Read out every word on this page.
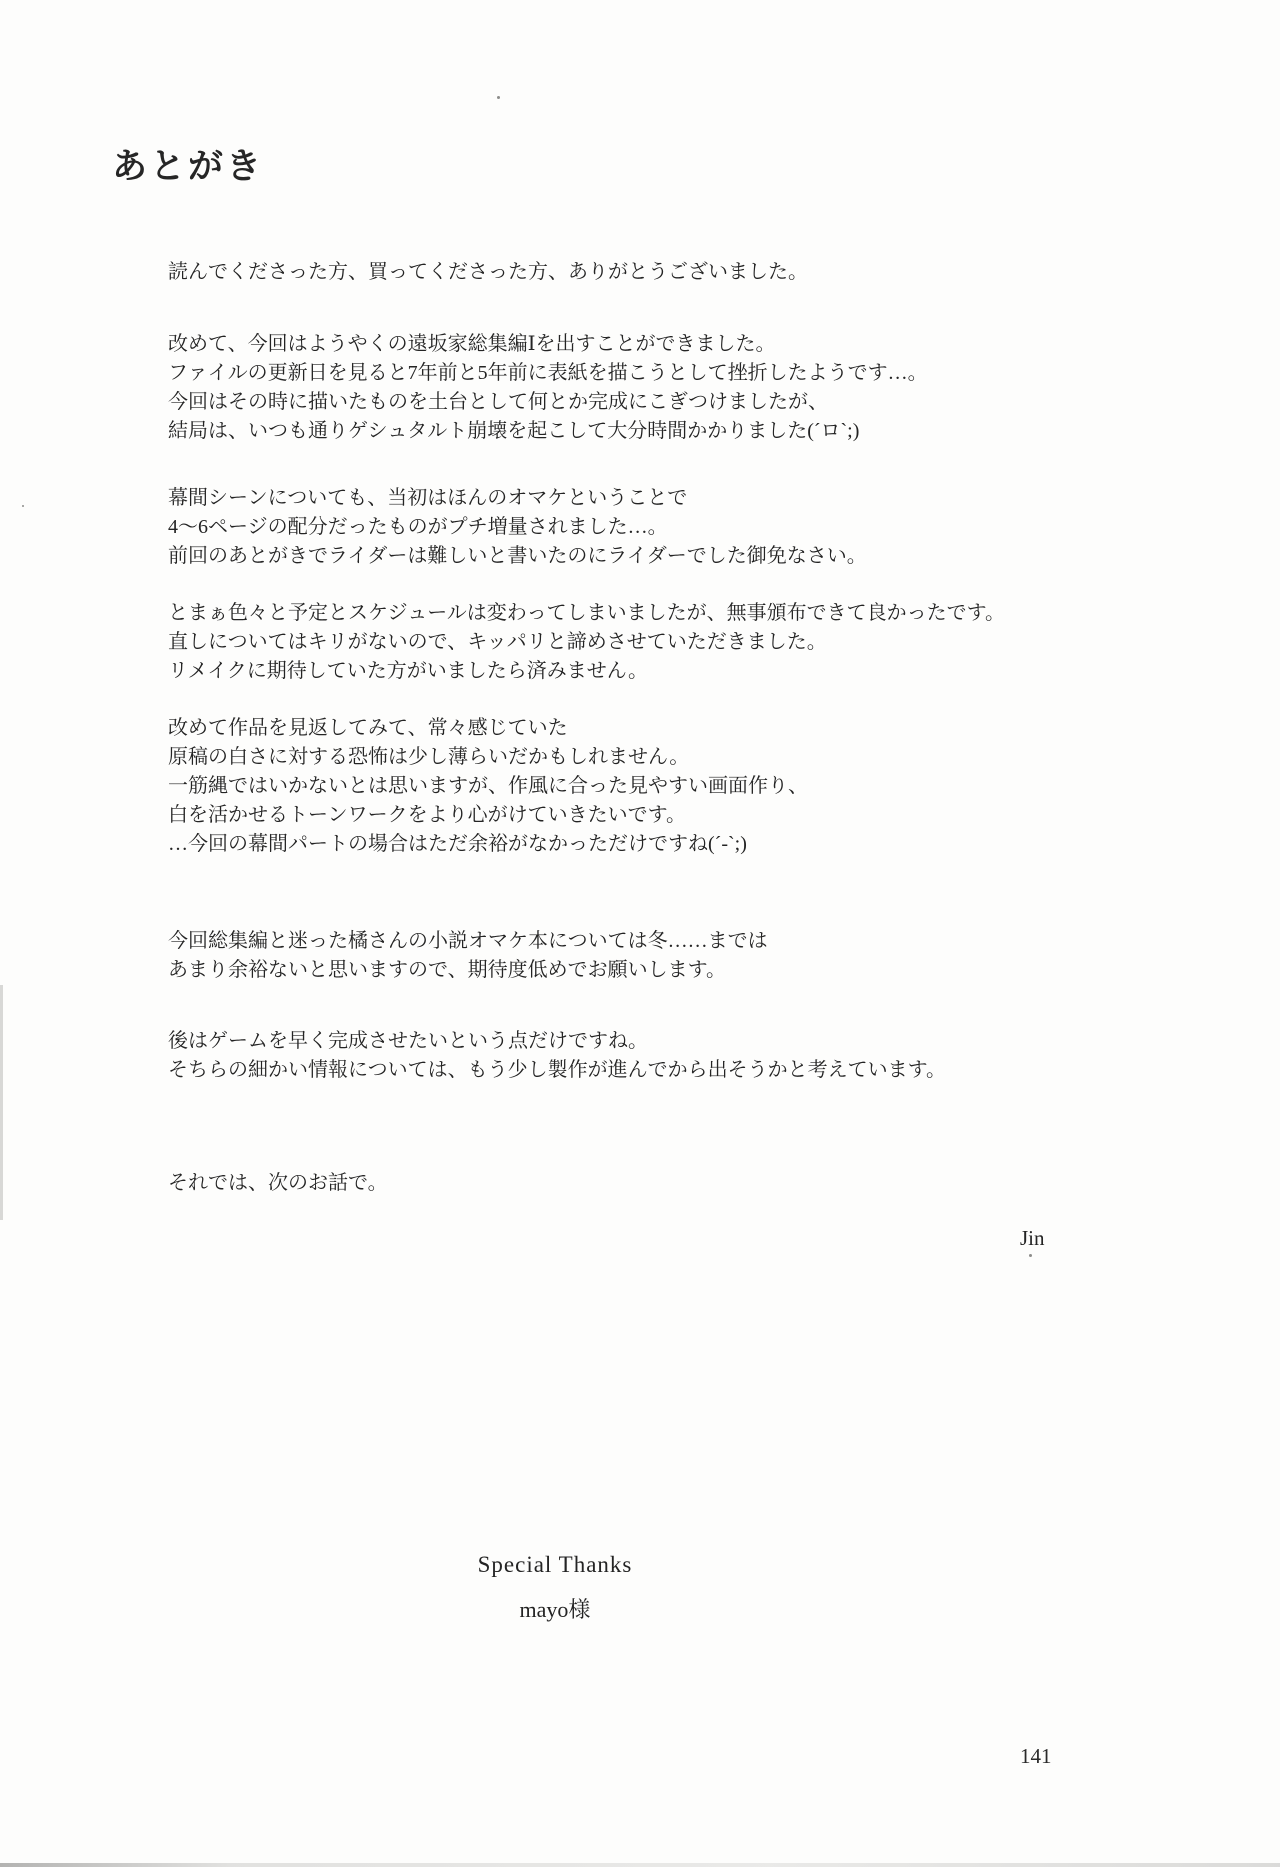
あとがき
読んでくださった方、買ってくださった方、ありがとうございました。
改めて、今回はようやくの遠坂家総集編Ⅰを出すことができました。
ファイルの更新日を見ると7年前と5年前に表紙を描こうとして挫折したようです…。
今回はその時に描いたものを土台として何とか完成にこぎつけましたが、
結局は、いつも通りゲシュタルト崩壊を起こして大分時間かかりました(´ロ`;)
幕間シーンについても、当初はほんのオマケということで
4〜6ページの配分だったものがプチ増量されました…。
前回のあとがきでライダーは難しいと書いたのにライダーでした御免なさい。
とまぁ色々と予定とスケジュールは変わってしまいましたが、無事頒布できて良かったです。
直しについてはキリがないので、キッパリと諦めさせていただきました。
リメイクに期待していた方がいましたら済みません。
改めて作品を見返してみて、常々感じていた
原稿の白さに対する恐怖は少し薄らいだかもしれません。
一筋縄ではいかないとは思いますが、作風に合った見やすい画面作り、
白を活かせるトーンワークをより心がけていきたいです。
…今回の幕間パートの場合はただ余裕がなかっただけですね(´-`;)
今回総集編と迷った橘さんの小説オマケ本については冬……までは
あまり余裕ないと思いますので、期待度低めでお願いします。
後はゲームを早く完成させたいという点だけですね。
そちらの細かい情報については、もう少し製作が進んでから出そうかと考えています。
それでは、次のお話で。
Jin
Special Thanks
mayo様
141
